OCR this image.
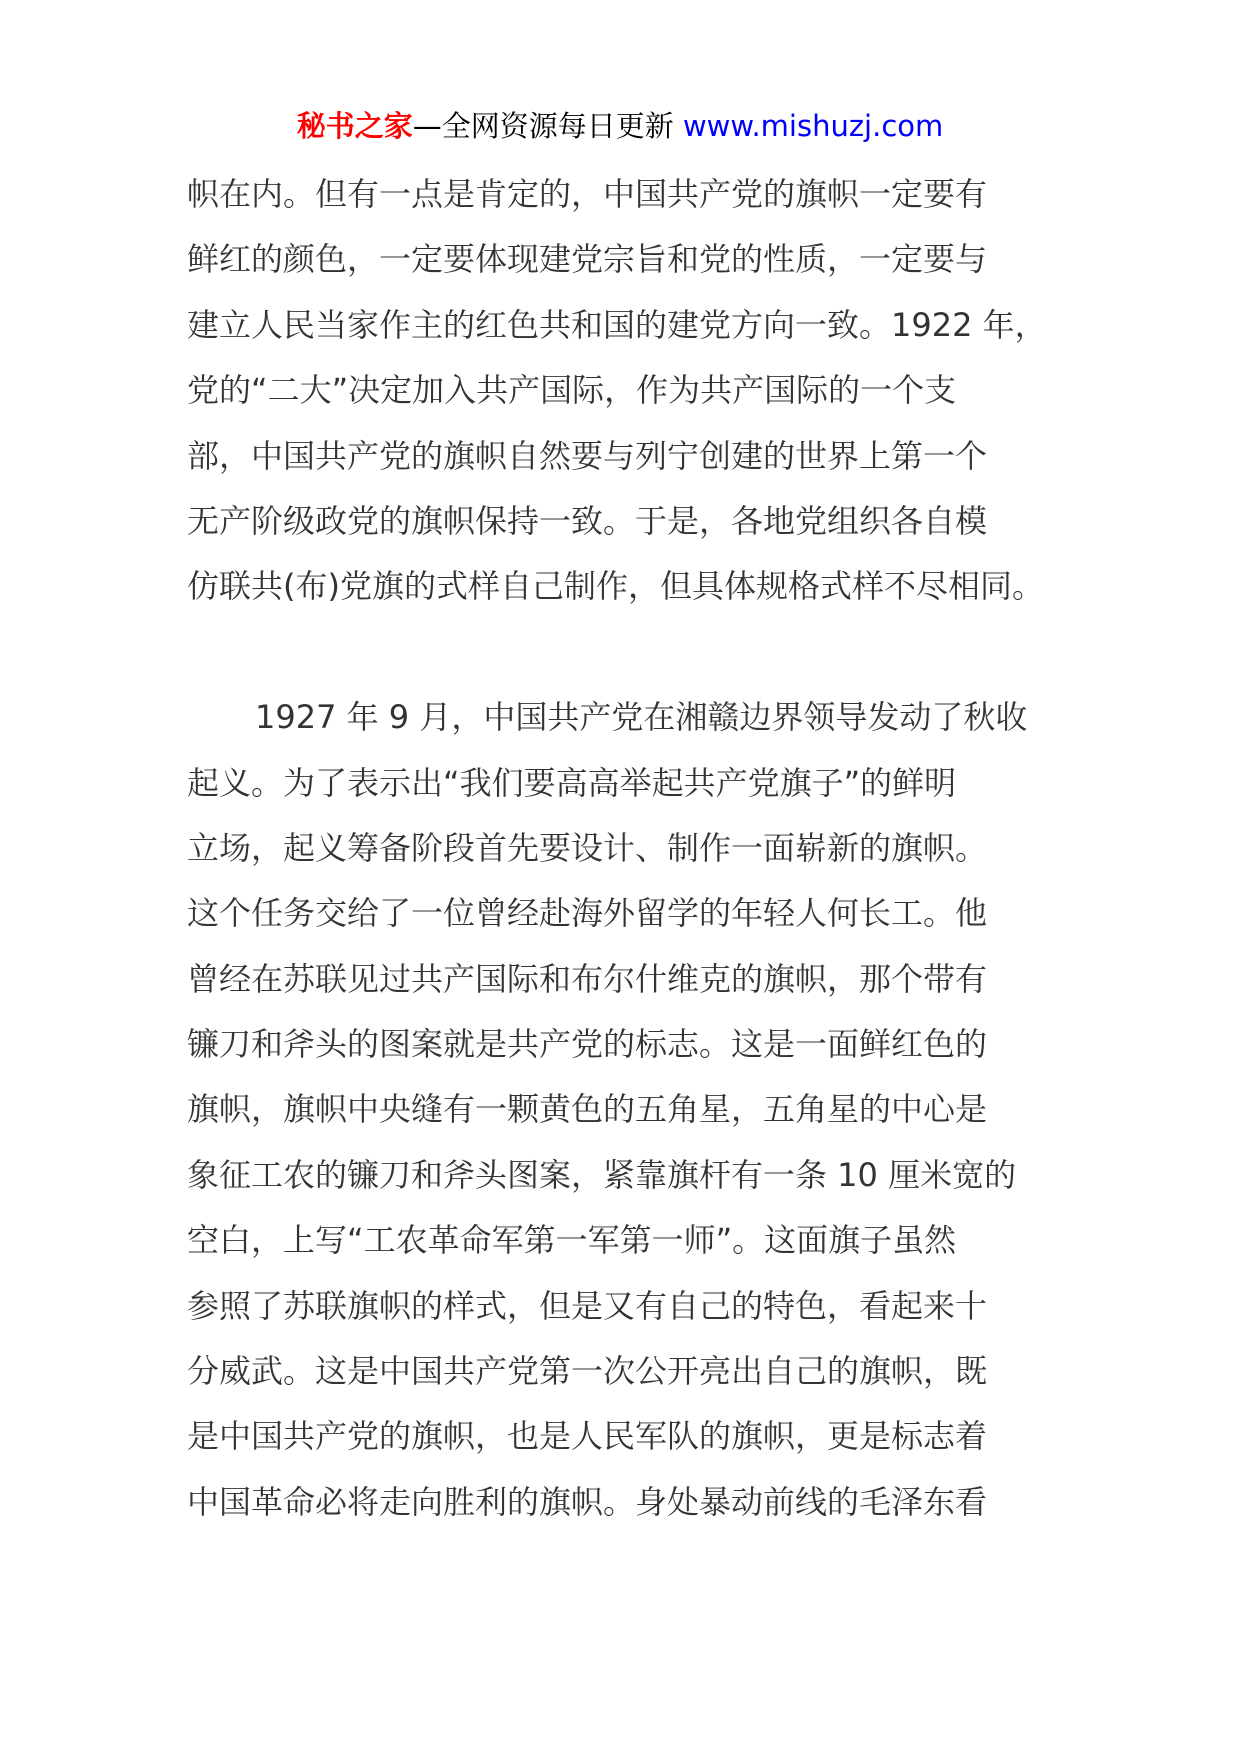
秘书之家—全网资源每日更新 www.mishuzj.com
帜在内。但有一点是肯定的，中国共产党的旗帜一定要有
鲜红的颜色，一定要体现建党宗旨和党的性质，一定要与
建立人民当家作主的红色共和国的建党方向一致。1922 年，
党的“二大”决定加入共产国际，作为共产国际的一个支
部，中国共产党的旗帜自然要与列宁创建的世界上第一个
无产阶级政党的旗帜保持一致。于是，各地党组织各自模
仿联共(布)党旗的式样自己制作，但具体规格式样不尽相同。
1927 年 9 月，中国共产党在湘赣边界领导发动了秋收
起义。为了表示出“我们要高高举起共产党旗子”的鲜明
立场，起义筹备阶段首先要设计、制作一面崭新的旗帜。
这个任务交给了一位曾经赴海外留学的年轻人何长工。他
曾经在苏联见过共产国际和布尔什维克的旗帜，那个带有
镰刀和斧头的图案就是共产党的标志。这是一面鲜红色的
旗帜，旗帜中央缝有一颗黄色的五角星，五角星的中心是
象征工农的镰刀和斧头图案，紧靠旗杆有一条 10 厘米宽的
空白，上写“工农革命军第一军第一师”。这面旗子虽然
参照了苏联旗帜的样式，但是又有自己的特色，看起来十
分威武。这是中国共产党第一次公开亮出自己的旗帜，既
是中国共产党的旗帜，也是人民军队的旗帜，更是标志着
中国革命必将走向胜利的旗帜。身处暴动前线的毛泽东看
